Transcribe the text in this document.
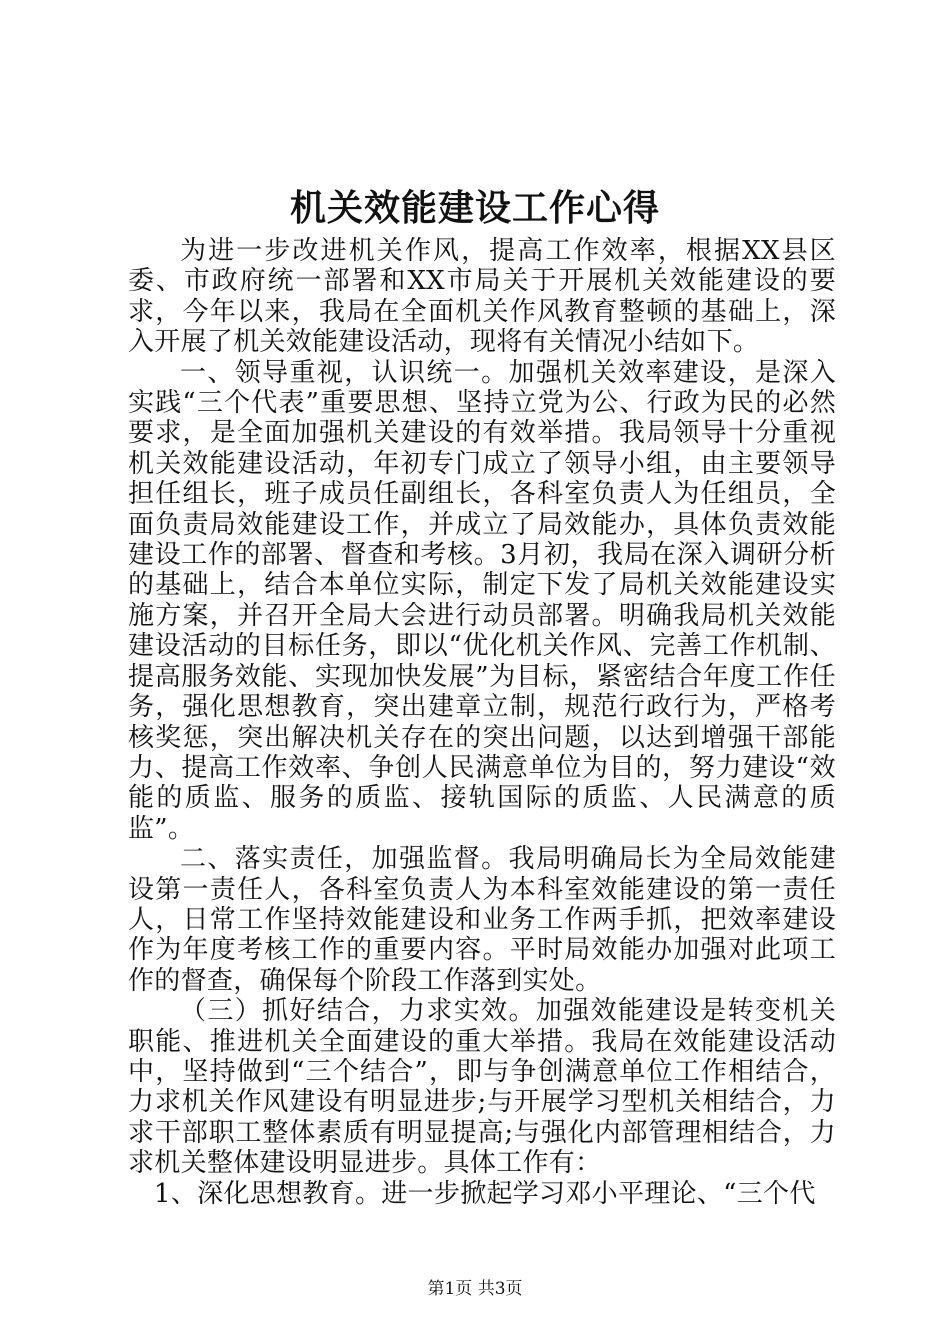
机关效能建设工作心得

为进一步改进机关作风，提高工作效率，根据XX县区委、市政府统一部署和XX市局关于开展机关效能建设的要求，今年以来，我局在全面机关作风教育整顿的基础上，深入开展了机关效能建设活动，现将有关情况小结如下。

一、领导重视，认识统一。加强机关效率建设，是深入实践“三个代表”重要思想、坚持立党为公、行政为民的必然要求，是全面加强机关建设的有效举措。我局领导十分重视机关效能建设活动，年初专门成立了领导小组，由主要领导担任组长，班子成员任副组长，各科室负责人为任组员，全面负责局效能建设工作，并成立了局效能办，具体负责效能建设工作的部署、督查和考核。3月初，我局在深入调研分析的基础上，结合本单位实际，制定下发了局机关效能建设实施方案，并召开全局大会进行动员部署。明确我局机关效能建设活动的目标任务，即以“优化机关作风、完善工作机制、提高服务效能、实现加快发展”为目标，紧密结合年度工作任务，强化思想教育，突出建章立制，规范行政行为，严格考核奖惩，突出解决机关存在的突出问题，以达到增强干部能力、提高工作效率、争创人民满意单位为目的，努力建设“效能的质监、服务的质监、接轨国际的质监、人民满意的质监”。

二、落实责任，加强监督。我局明确局长为全局效能建设第一责任人，各科室负责人为本科室效能建设的第一责任人，日常工作坚持效能建设和业务工作两手抓，把效率建设作为年度考核工作的重要内容。平时局效能办加强对此项工作的督查，确保每个阶段工作落到实处。

（三）抓好结合，力求实效。加强效能建设是转变机关职能、推进机关全面建设的重大举措。我局在效能建设活动中，坚持做到“三个结合”，即与争创满意单位工作相结合，力求机关作风建设有明显进步;与开展学习型机关相结合，力求干部职工整体素质有明显提高;与强化内部管理相结合，力求机关整体建设明显进步。具体工作有：

1、深化思想教育。进一步掀起学习邓小平理论、“三个代

第1页 共3页
